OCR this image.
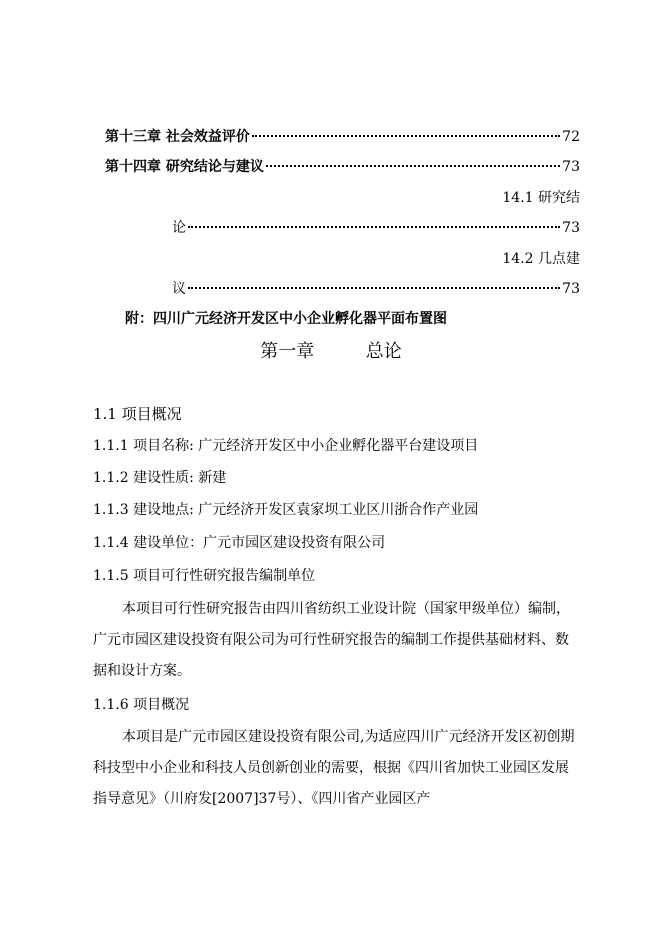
第十三章 社会效益评价	72
第十四章 研究结论与建议	73
14.1 研究结
论	73
14.2 几点建
议	73
附：四川广元经济开发区中小企业孵化器平面布置图
第一章	总论
1.1 项目概况
1.1.1 项目名称: 广元经济开发区中小企业孵化器平台建设项目
1.1.2 建设性质: 新建
1.1.3 建设地点: 广元经济开发区袁家坝工业区川浙合作产业园
1.1.4 建设单位：广元市园区建设投资有限公司
1.1.5 项目可行性研究报告编制单位
本项目可行性研究报告由四川省纺织工业设计院（国家甲级单位）编制，广元市园区建设投资有限公司为可行性研究报告的编制工作提供基础材料、数据和设计方案。
1.1.6 项目概况
本项目是广元市园区建设投资有限公司,为适应四川广元经济开发区初创期科技型中小企业和科技人员创新创业的需要，根据《四川省加快工业园区发展指导意见》（川府发[2007]37号）、《四川省产业园区产
